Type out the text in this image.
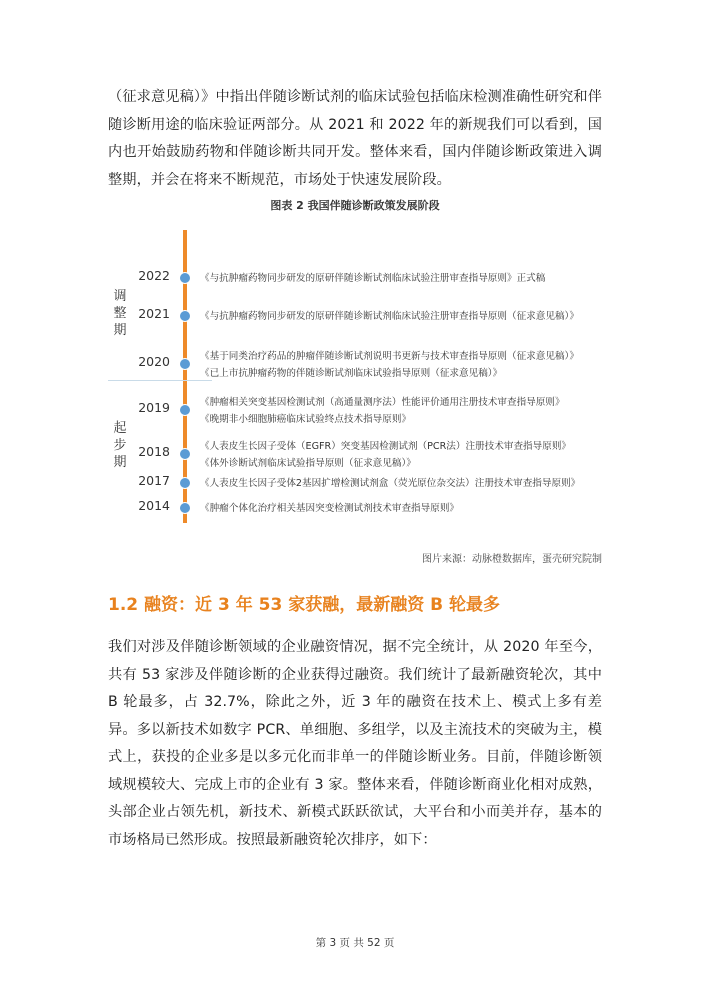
（征求意见稿）》中指出伴随诊断试剂的临床试验包括临床检测准确性研究和伴随诊断用途的临床验证两部分。从 2021 和 2022 年的新规我们可以看到，国内也开始鼓励药物和伴随诊断共同开发。整体来看，国内伴随诊断政策进入调整期，并会在将来不断规范，市场处于快速发展阶段。

图表 2 我国伴随诊断政策发展阶段
调
整
期
起
步
期
2022	《与抗肿瘤药物同步研发的原研伴随诊断试剂临床试验注册审查指导原则》正式稿
2021	《与抗肿瘤药物同步研发的原研伴随诊断试剂临床试验注册审查指导原则（征求意见稿）》
2020	《基于同类治疗药品的肿瘤伴随诊断试剂说明书更新与技术审查指导原则（征求意见稿）》
《已上市抗肿瘤药物的伴随诊断试剂临床试验指导原则（征求意见稿）》
2019	《肿瘤相关突变基因检测试剂（高通量测序法）性能评价通用注册技术审查指导原则》
《晚期非小细胞肺癌临床试验终点技术指导原则》
2018	《人表皮生长因子受体（EGFR）突变基因检测试剂（PCR法）注册技术审查指导原则》
《体外诊断试剂临床试验指导原则（征求意见稿）》
2017	《人表皮生长因子受体2基因扩增检测试剂盒（荧光原位杂交法）注册技术审查指导原则》
2014	《肿瘤个体化治疗相关基因突变检测试剂技术审查指导原则》
图片来源：动脉橙数据库，蛋壳研究院制
1.2 融资：近 3 年 53 家获融，最新融资 B 轮最多

我们对涉及伴随诊断领域的企业融资情况，据不完全统计，从 2020 年至今，共有 53 家涉及伴随诊断的企业获得过融资。我们统计了最新融资轮次，其中 B 轮最多，占 32.7%，除此之外，近 3 年的融资在技术上、模式上多有差异。多以新技术如数字 PCR、单细胞、多组学，以及主流技术的突破为主，模式上，获投的企业多是以多元化而非单一的伴随诊断业务。目前，伴随诊断领域规模较大、完成上市的企业有 3 家。整体来看，伴随诊断商业化相对成熟，头部企业占领先机，新技术、新模式跃跃欲试，大平台和小而美并存，基本的市场格局已然形成。按照最新融资轮次排序，如下：

第 3 页 共 52 页
